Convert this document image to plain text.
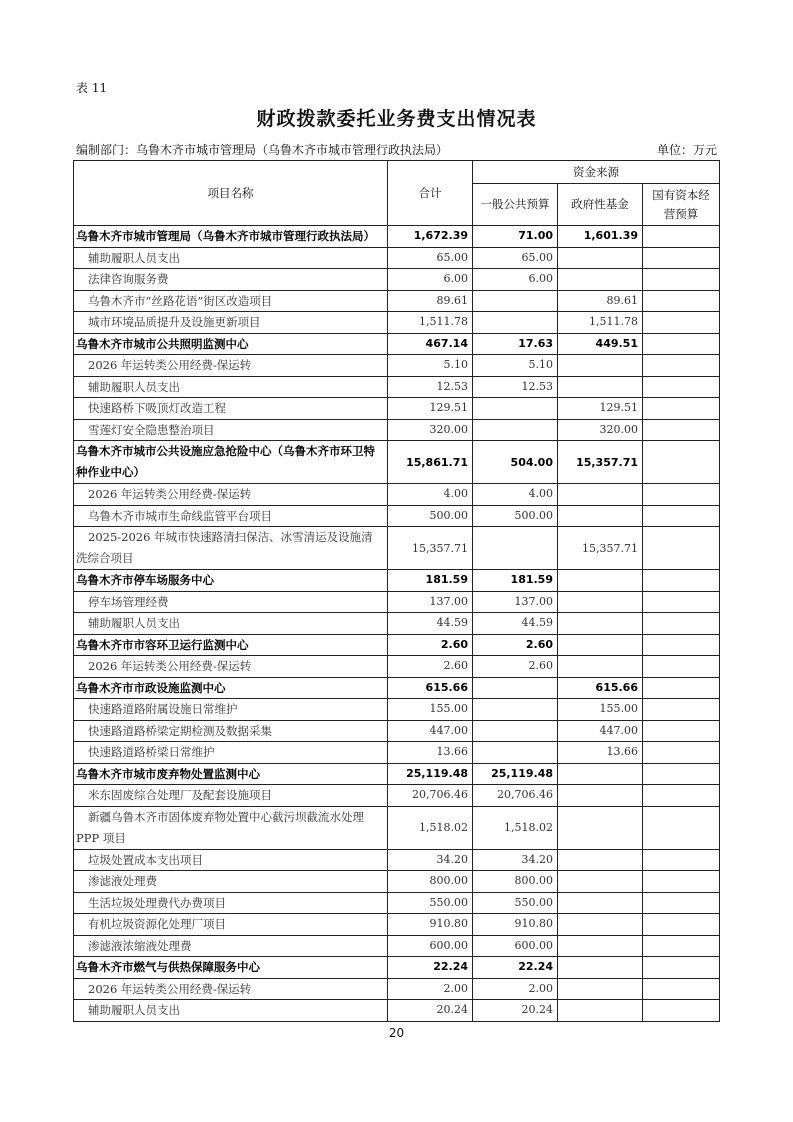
表 11
财政拨款委托业务费支出情况表
编制部门：乌鲁木齐市城市管理局（乌鲁木齐市城市管理行政执法局）	单位：万元
项目名称	合计	资金来源		
		一般公共预算	政府性基金	国有资本经营预算
乌鲁木齐市城市管理局（乌鲁木齐市城市管理行政执法局）	1,672.39	71.00	1,601.39	
辅助履职人员支出	65.00	65.00		
法律咨询服务费	6.00	6.00		
乌鲁木齐市“丝路花语”街区改造项目	89.61		89.61	
城市环境品质提升及设施更新项目	1,511.78		1,511.78	
乌鲁木齐市城市公共照明监测中心	467.14	17.63	449.51	
2026 年运转类公用经费-保运转	5.10	5.10		
辅助履职人员支出	12.53	12.53		
快速路桥下吸顶灯改造工程	129.51		129.51	
雪莲灯安全隐患整治项目	320.00		320.00	
乌鲁木齐市城市公共设施应急抢险中心（乌鲁木齐市环卫特种作业中心）	15,861.71	504.00	15,357.71	
2026 年运转类公用经费-保运转	4.00	4.00		
乌鲁木齐市城市生命线监管平台项目	500.00	500.00		
2025-2026 年城市快速路清扫保洁、冰雪清运及设施清洗综合项目	15,357.71		15,357.71	
乌鲁木齐市停车场服务中心	181.59	181.59		
停车场管理经费	137.00	137.00		
辅助履职人员支出	44.59	44.59		
乌鲁木齐市市容环卫运行监测中心	2.60	2.60		
2026 年运转类公用经费-保运转	2.60	2.60		
乌鲁木齐市市政设施监测中心	615.66		615.66	
快速路道路附属设施日常维护	155.00		155.00	
快速路道路桥梁定期检测及数据采集	447.00		447.00	
快速路道路桥梁日常维护	13.66		13.66	
乌鲁木齐市城市废弃物处置监测中心	25,119.48	25,119.48		
米东固废综合处理厂及配套设施项目	20,706.46	20,706.46		
新疆乌鲁木齐市固体废弃物处置中心截污坝截流水处理PPP 项目	1,518.02	1,518.02		
垃圾处置成本支出项目	34.20	34.20		
渗滤液处理费	800.00	800.00		
生活垃圾处理费代办费项目	550.00	550.00		
有机垃圾资源化处理厂项目	910.80	910.80		
渗滤液浓缩液处理费	600.00	600.00		
乌鲁木齐市燃气与供热保障服务中心	22.24	22.24		
2026 年运转类公用经费-保运转	2.00	2.00		
辅助履职人员支出	20.24	20.24		
20
